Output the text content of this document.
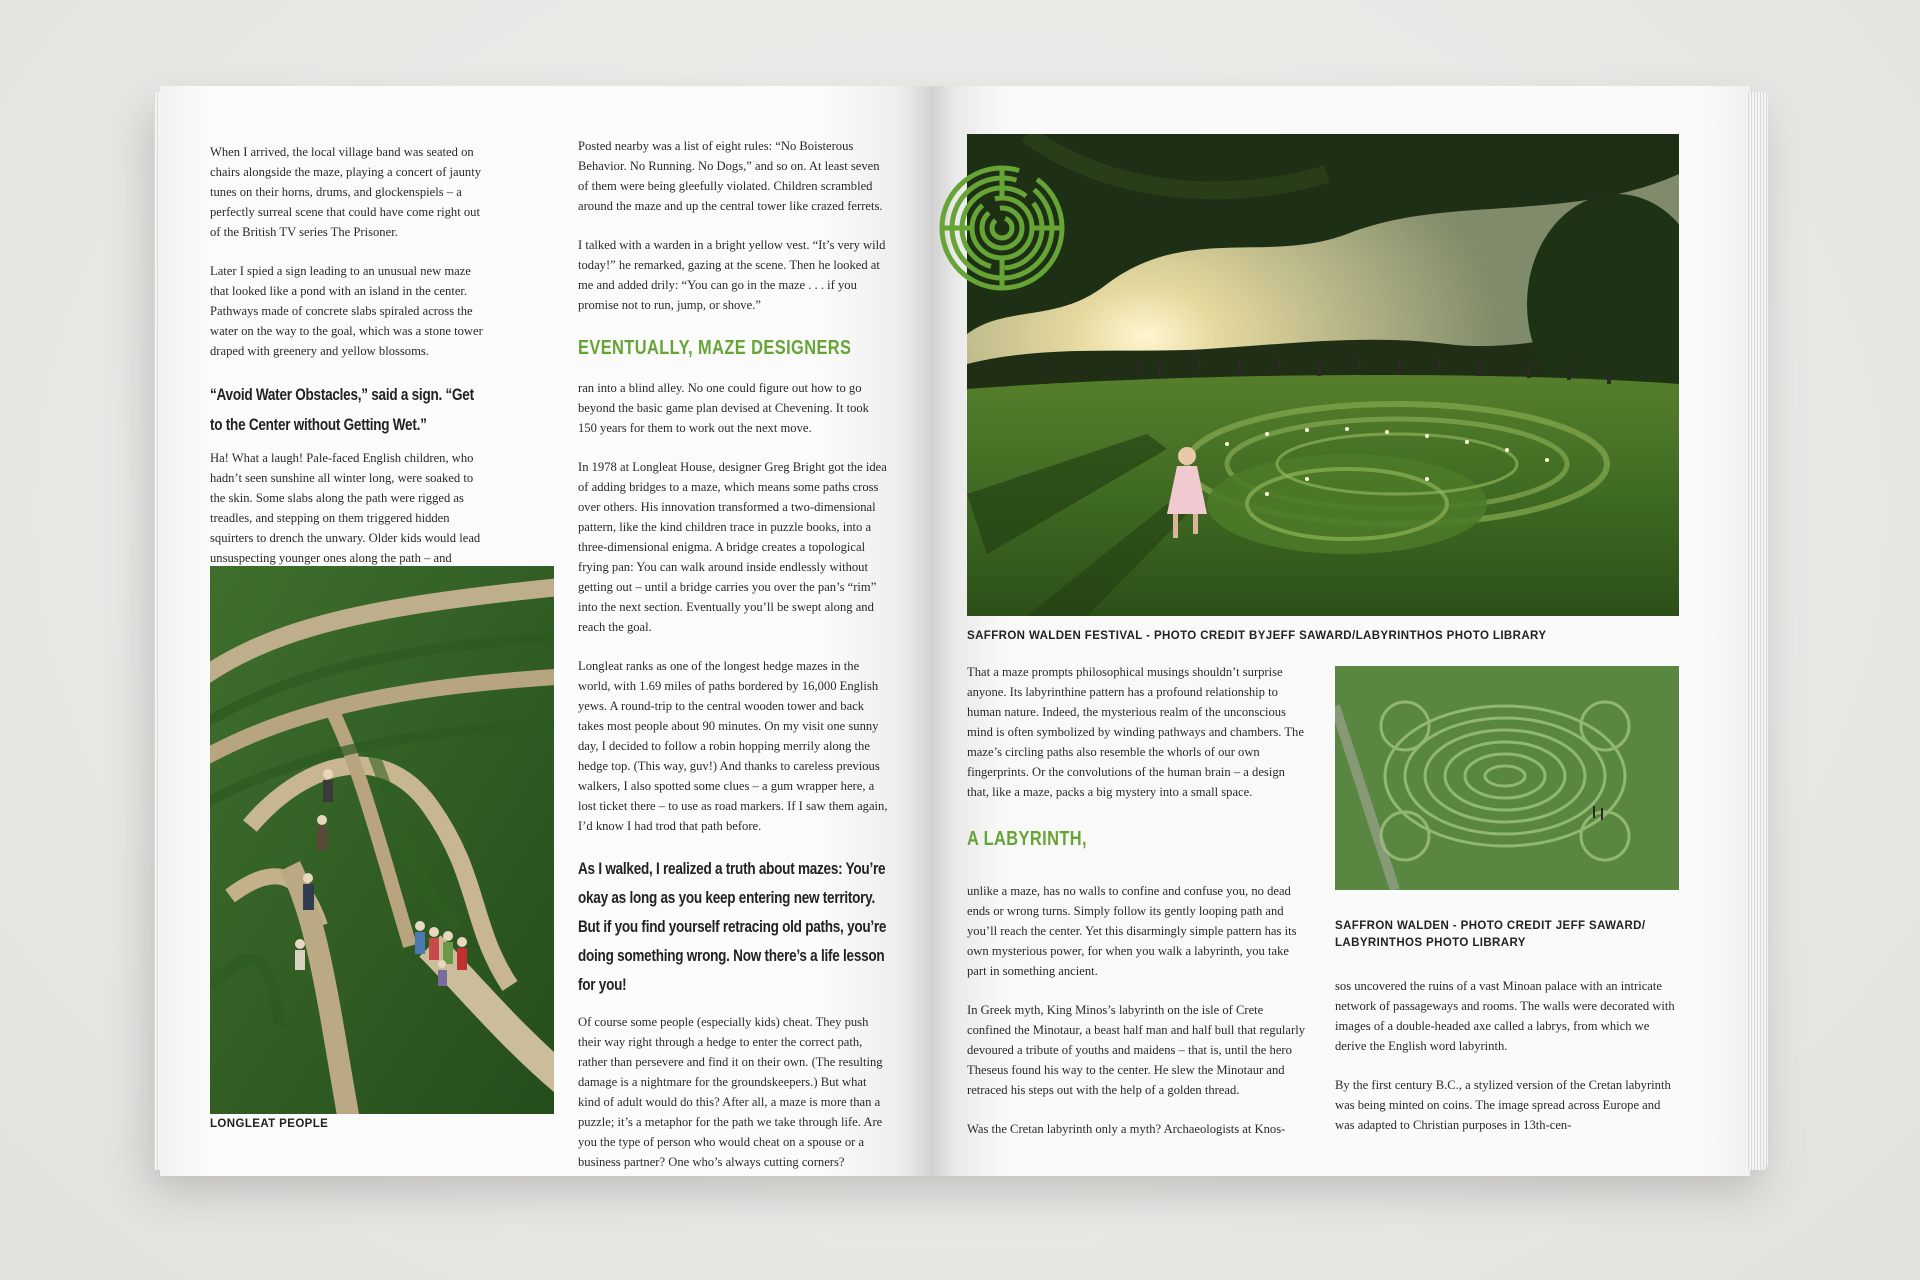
When I arrived, the local village band was seated on chairs alongside the maze, playing a concert of jaunty tunes on their horns, drums, and glockenspiels – a perfectly surreal scene that could have come right out of the British TV series The Prisoner.

Later I spied a sign leading to an unusual new maze that looked like a pond with an island in the center. Pathways made of concrete slabs spiraled across the water on the way to the goal, which was a stone tower draped with greenery and yellow blossoms.

“Avoid Water Obstacles,” said a sign. “Get to the Center without Getting Wet.”

Ha! What a laugh! Pale-faced English children, who hadn’t seen sunshine all winter long, were soaked to the skin. Some slabs along the path were rigged as treadles, and stepping on them triggered hidden squirters to drench the unwary. Older kids would lead unsuspecting younger ones along the path – and

LONGLEAT PEOPLE

Posted nearby was a list of eight rules: “No Boisterous Behavior. No Running. No Dogs,” and so on. At least seven of them were being gleefully violated. Children scrambled around the maze and up the central tower like crazed ferrets.

I talked with a warden in a bright yellow vest. “It’s very wild today!” he remarked, gazing at the scene. Then he looked at me and added drily: “You can go in the maze . . . if you promise not to run, jump, or shove.”

EVENTUALLY, MAZE DESIGNERS

ran into a blind alley. No one could figure out how to go beyond the basic game plan devised at Chevening. It took 150 years for them to work out the next move.

In 1978 at Longleat House, designer Greg Bright got the idea of adding bridges to a maze, which means some paths cross over others. His innovation transformed a two-dimensional pattern, like the kind children trace in puzzle books, into a three-dimensional enigma. A bridge creates a topological frying pan: You can walk around inside endlessly without getting out – until a bridge carries you over the pan’s “rim” into the next section. Eventually you’ll be swept along and reach the goal.

Longleat ranks as one of the longest hedge mazes in the world, with 1.69 miles of paths bordered by 16,000 English yews. A round-trip to the central wooden tower and back takes most people about 90 minutes. On my visit one sunny day, I decided to follow a robin hopping merrily along the hedge top. (This way, guv!) And thanks to careless previous walkers, I also spotted some clues – a gum wrapper here, a lost ticket there – to use as road markers. If I saw them again, I’d know I had trod that path before.

As I walked, I realized a truth about mazes: You’re okay as long as you keep entering new territory. But if you find yourself retracing old paths, you’re doing something wrong. Now there’s a life lesson for you!

Of course some people (especially kids) cheat. They push their way right through a hedge to enter the correct path, rather than persevere and find it on their own. (The resulting damage is a nightmare for the groundskeepers.) But what kind of adult would do this? After all, a maze is more than a puzzle; it’s a metaphor for the path we take through life. Are you the type of person who would cheat on a spouse or a business partner? One who’s always cutting corners?

SAFFRON WALDEN FESTIVAL - PHOTO CREDIT BYJEFF SAWARD/LABYRINTHOS PHOTO LIBRARY

That a maze prompts philosophical musings shouldn’t surprise anyone. Its labyrinthine pattern has a profound relationship to human nature. Indeed, the mysterious realm of the unconscious mind is often symbolized by winding pathways and chambers. The maze’s circling paths also resemble the whorls of our own fingerprints. Or the convolutions of the human brain – a design that, like a maze, packs a big mystery into a small space.

A LABYRINTH,

unlike a maze, has no walls to confine and confuse you, no dead ends or wrong turns. Simply follow its gently looping path and you’ll reach the center. Yet this disarmingly simple pattern has its own mysterious power, for when you walk a labyrinth, you take part in something ancient.

In Greek myth, King Minos’s labyrinth on the isle of Crete confined the Minotaur, a beast half man and half bull that regularly devoured a tribute of youths and maidens – that is, until the hero Theseus found his way to the center. He slew the Minotaur and retraced his steps out with the help of a golden thread.

Was the Cretan labyrinth only a myth? Archaeologists at Knos-

SAFFRON WALDEN - PHOTO CREDIT JEFF SAWARD/
LABYRINTHOS PHOTO LIBRARY

sos uncovered the ruins of a vast Minoan palace with an intricate network of passageways and rooms. The walls were decorated with images of a double-headed axe called a labrys, from which we derive the English word labyrinth.

By the first century B.C., a stylized version of the Cretan labyrinth was being minted on coins. The image spread across Europe and was adapted to Christian purposes in 13th-cen-
